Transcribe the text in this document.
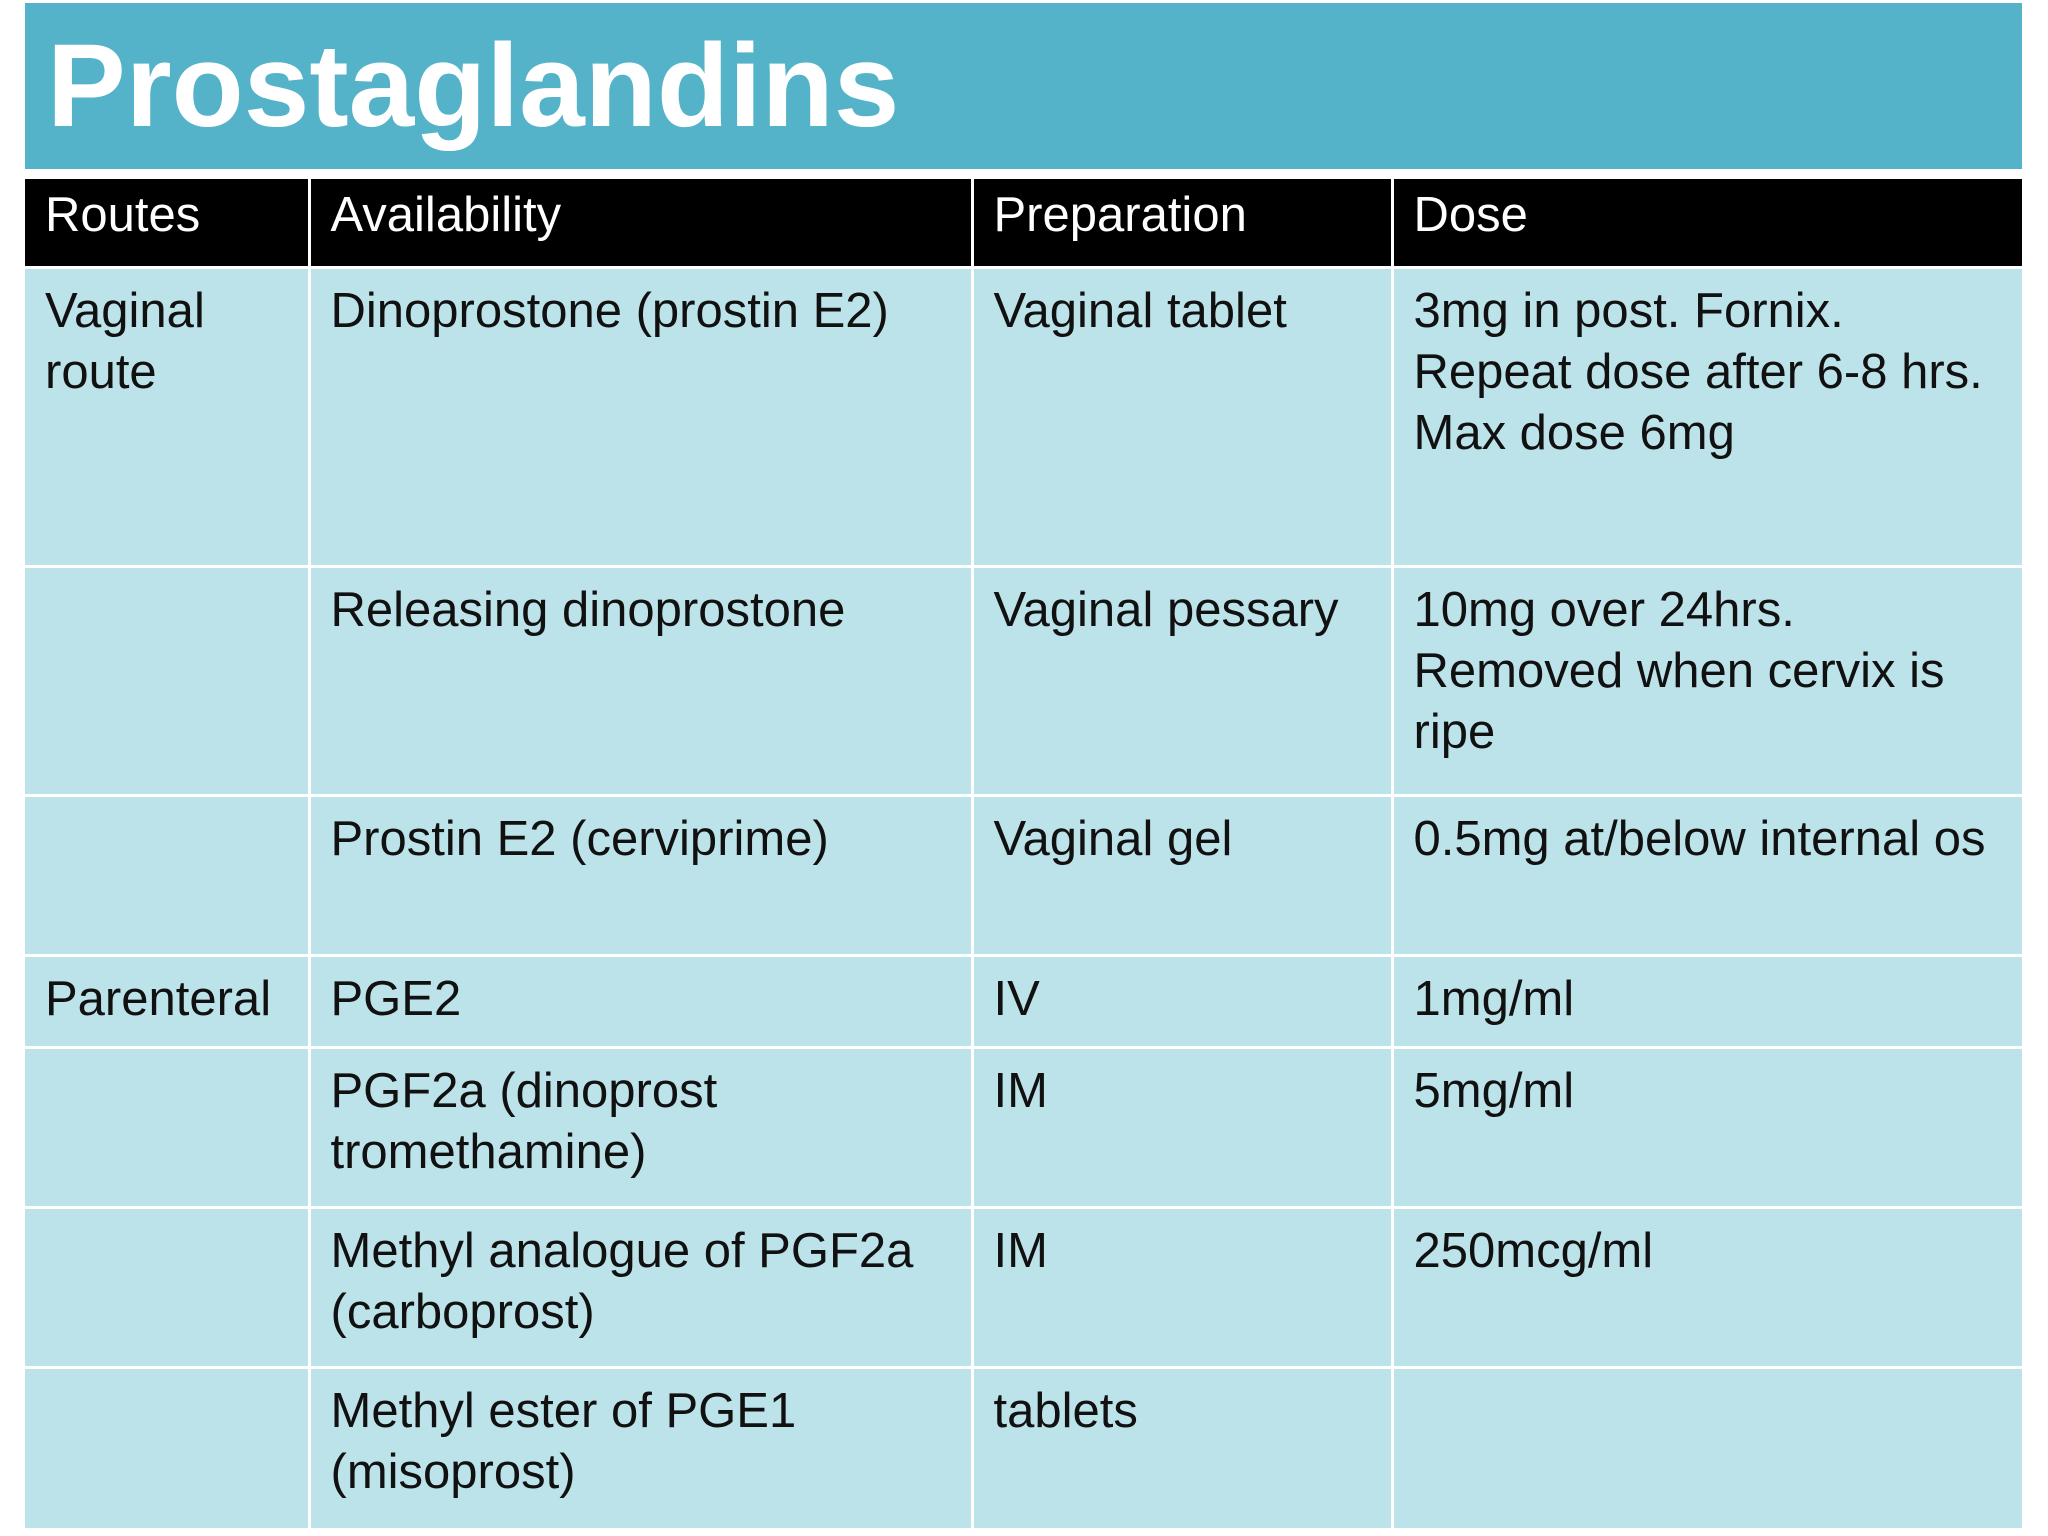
Prostaglandins
Routes	Availability	Preparation	Dose
Vaginal route	Dinoprostone (prostin E2)	Vaginal tablet	3mg in post. Fornix. Repeat dose after 6-8 hrs. Max dose 6mg
	Releasing dinoprostone	Vaginal pessary	10mg over 24hrs. Removed when cervix is ripe
	Prostin E2 (cerviprime)	Vaginal gel	0.5mg at/below internal os
Parenteral	PGE2	IV	1mg/ml
	PGF2a (dinoprost tromethamine)	IM	5mg/ml
	Methyl analogue of PGF2a (carboprost)	IM	250mcg/ml
	Methyl ester of PGE1 (misoprost)	tablets	
